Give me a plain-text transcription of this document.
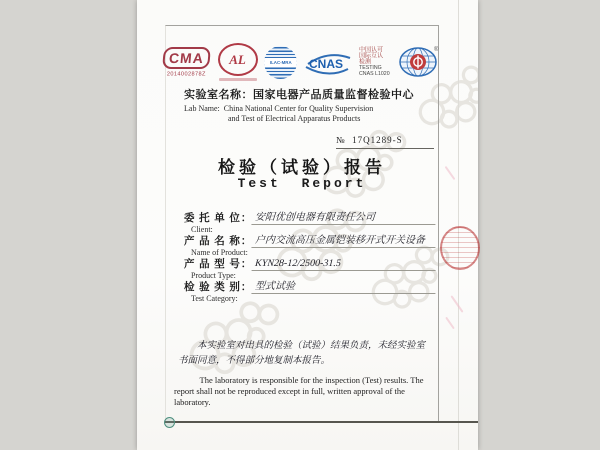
CMA
2014002878Z
AL	ILAC-MRA CNAS
中国认可
国际互认
检测
TESTING
CNAS L1020
®
实验室名称：国家电器产品质量监督检验中心
Lab Name: China National Center for Quality Supervision
and Test of Electrical Apparatus Products
№ 17Q1289-S
检验（试验）报告
Test Report
委 托 单 位： 安阳优创电器有限责任公司
Client:
产 品 名 称： 户内交流高压金属铠装移开式开关设备
Name of Product:
产 品 型 号： KYN28-12/2500-31.5
Product Type:
检 验 类 别： 型式试验
Test Category:
本实验室对出具的检验（试验）结果负责，未经实验室书面同意，不得部分地复制本报告。
The laboratory is responsible for the inspection (Test) results. The report shall not be reproduced except in full, written approval of the laboratory.
